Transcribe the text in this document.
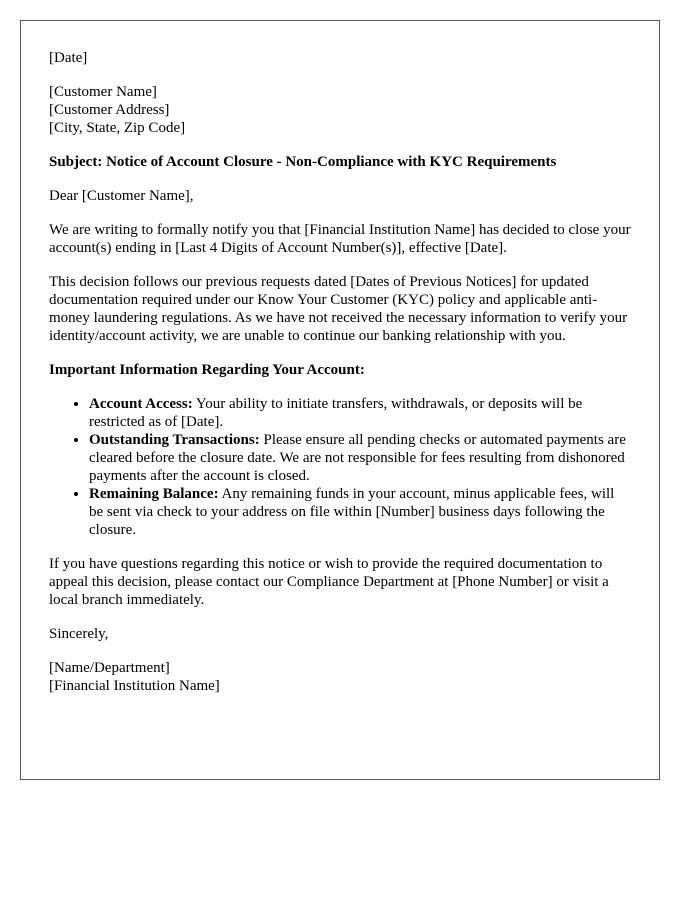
[Date]

[Customer Name]
[Customer Address]
[City, State, Zip Code]

Subject: Notice of Account Closure - Non-Compliance with KYC Requirements

Dear [Customer Name],

We are writing to formally notify you that [Financial Institution Name] has decided to close your account(s) ending in [Last 4 Digits of Account Number(s)], effective [Date].

This decision follows our previous requests dated [Dates of Previous Notices] for updated documentation required under our Know Your Customer (KYC) policy and applicable anti-money laundering regulations. As we have not received the necessary information to verify your identity/account activity, we are unable to continue our banking relationship with you.

Important Information Regarding Your Account:

• Account Access: Your ability to initiate transfers, withdrawals, or deposits will be restricted as of [Date].
• Outstanding Transactions: Please ensure all pending checks or automated payments are cleared before the closure date. We are not responsible for fees resulting from dishonored payments after the account is closed.
• Remaining Balance: Any remaining funds in your account, minus applicable fees, will be sent via check to your address on file within [Number] business days following the closure.

If you have questions regarding this notice or wish to provide the required documentation to appeal this decision, please contact our Compliance Department at [Phone Number] or visit a local branch immediately.

Sincerely,

[Name/Department]
[Financial Institution Name]
